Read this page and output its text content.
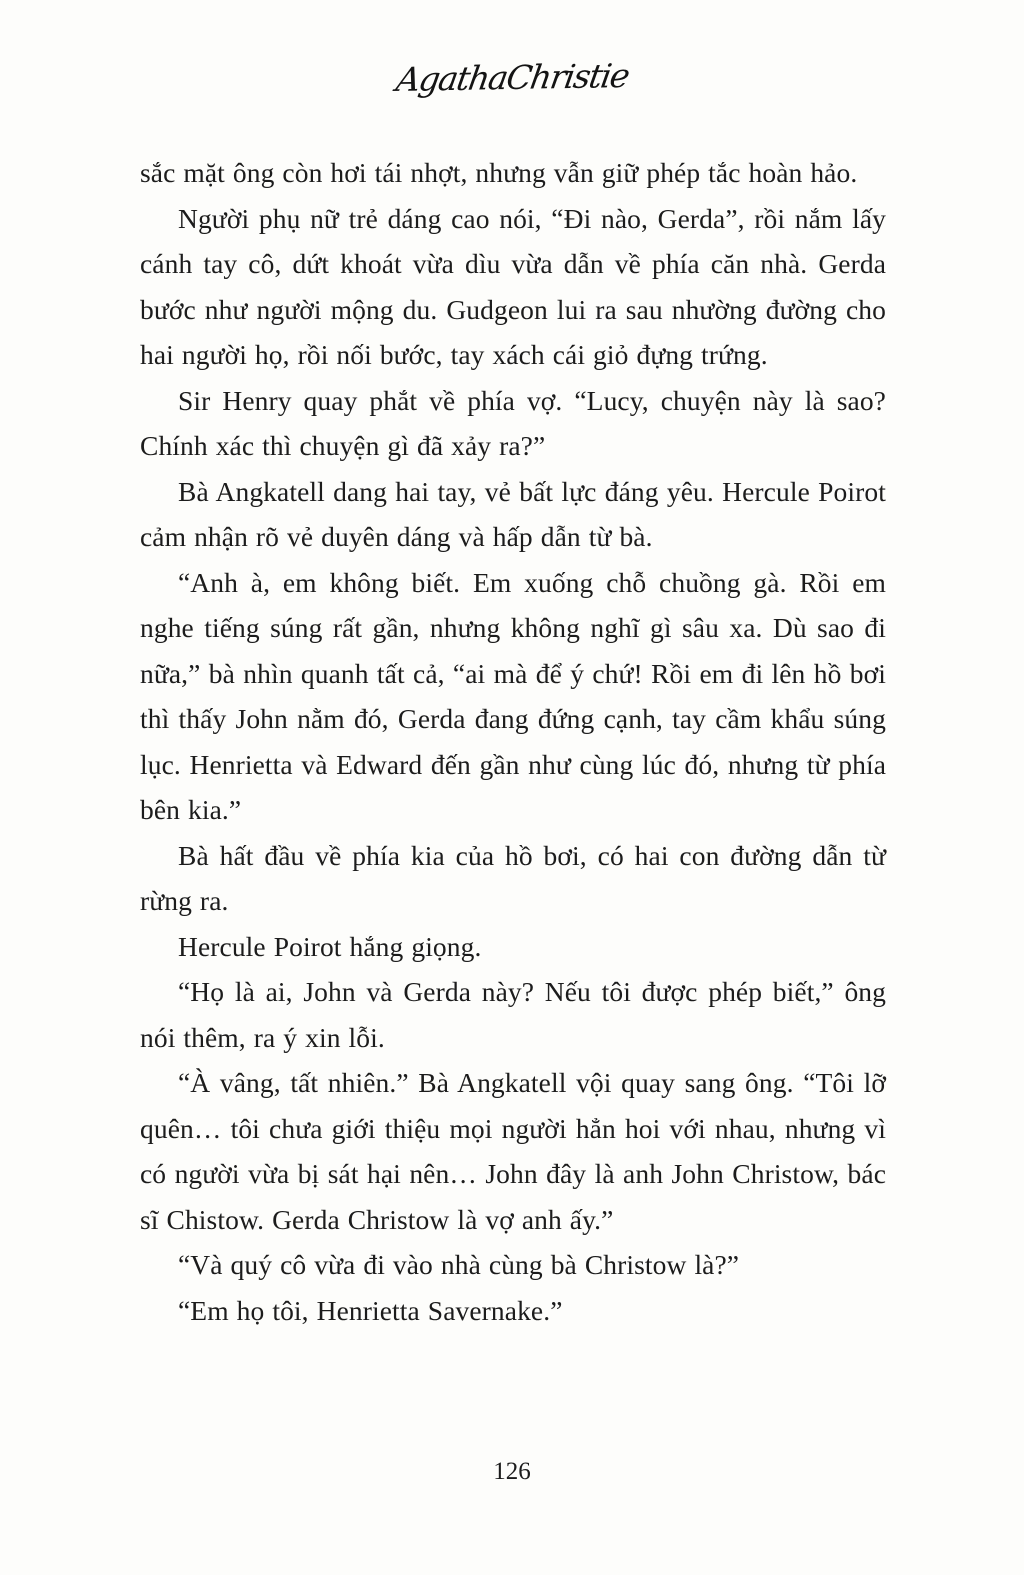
AgathaChristie

sắc mặt ông còn hơi tái nhợt, nhưng vẫn giữ phép tắc hoàn hảo.

Người phụ nữ trẻ dáng cao nói, “Đi nào, Gerda”, rồi nắm lấy cánh tay cô, dứt khoát vừa dìu vừa dẫn về phía căn nhà. Gerda bước như người mộng du. Gudgeon lui ra sau nhường đường cho hai người họ, rồi nối bước, tay xách cái giỏ đựng trứng.

Sir Henry quay phắt về phía vợ. “Lucy, chuyện này là sao? Chính xác thì chuyện gì đã xảy ra?”

Bà Angkatell dang hai tay, vẻ bất lực đáng yêu. Hercule Poirot cảm nhận rõ vẻ duyên dáng và hấp dẫn từ bà.

“Anh à, em không biết. Em xuống chỗ chuồng gà. Rồi em nghe tiếng súng rất gần, nhưng không nghĩ gì sâu xa. Dù sao đi nữa,” bà nhìn quanh tất cả, “ai mà để ý chứ! Rồi em đi lên hồ bơi thì thấy John nằm đó, Gerda đang đứng cạnh, tay cầm khẩu súng lục. Henrietta và Edward đến gần như cùng lúc đó, nhưng từ phía bên kia.”

Bà hất đầu về phía kia của hồ bơi, có hai con đường dẫn từ rừng ra.

Hercule Poirot hắng giọng.

“Họ là ai, John và Gerda này? Nếu tôi được phép biết,” ông nói thêm, ra ý xin lỗi.

“À vâng, tất nhiên.” Bà Angkatell vội quay sang ông. “Tôi lỡ quên… tôi chưa giới thiệu mọi người hẳn hoi với nhau, nhưng vì có người vừa bị sát hại nên… John đây là anh John Christow, bác sĩ Chistow. Gerda Christow là vợ anh ấy.”

“Và quý cô vừa đi vào nhà cùng bà Christow là?”

“Em họ tôi, Henrietta Savernake.”

126
